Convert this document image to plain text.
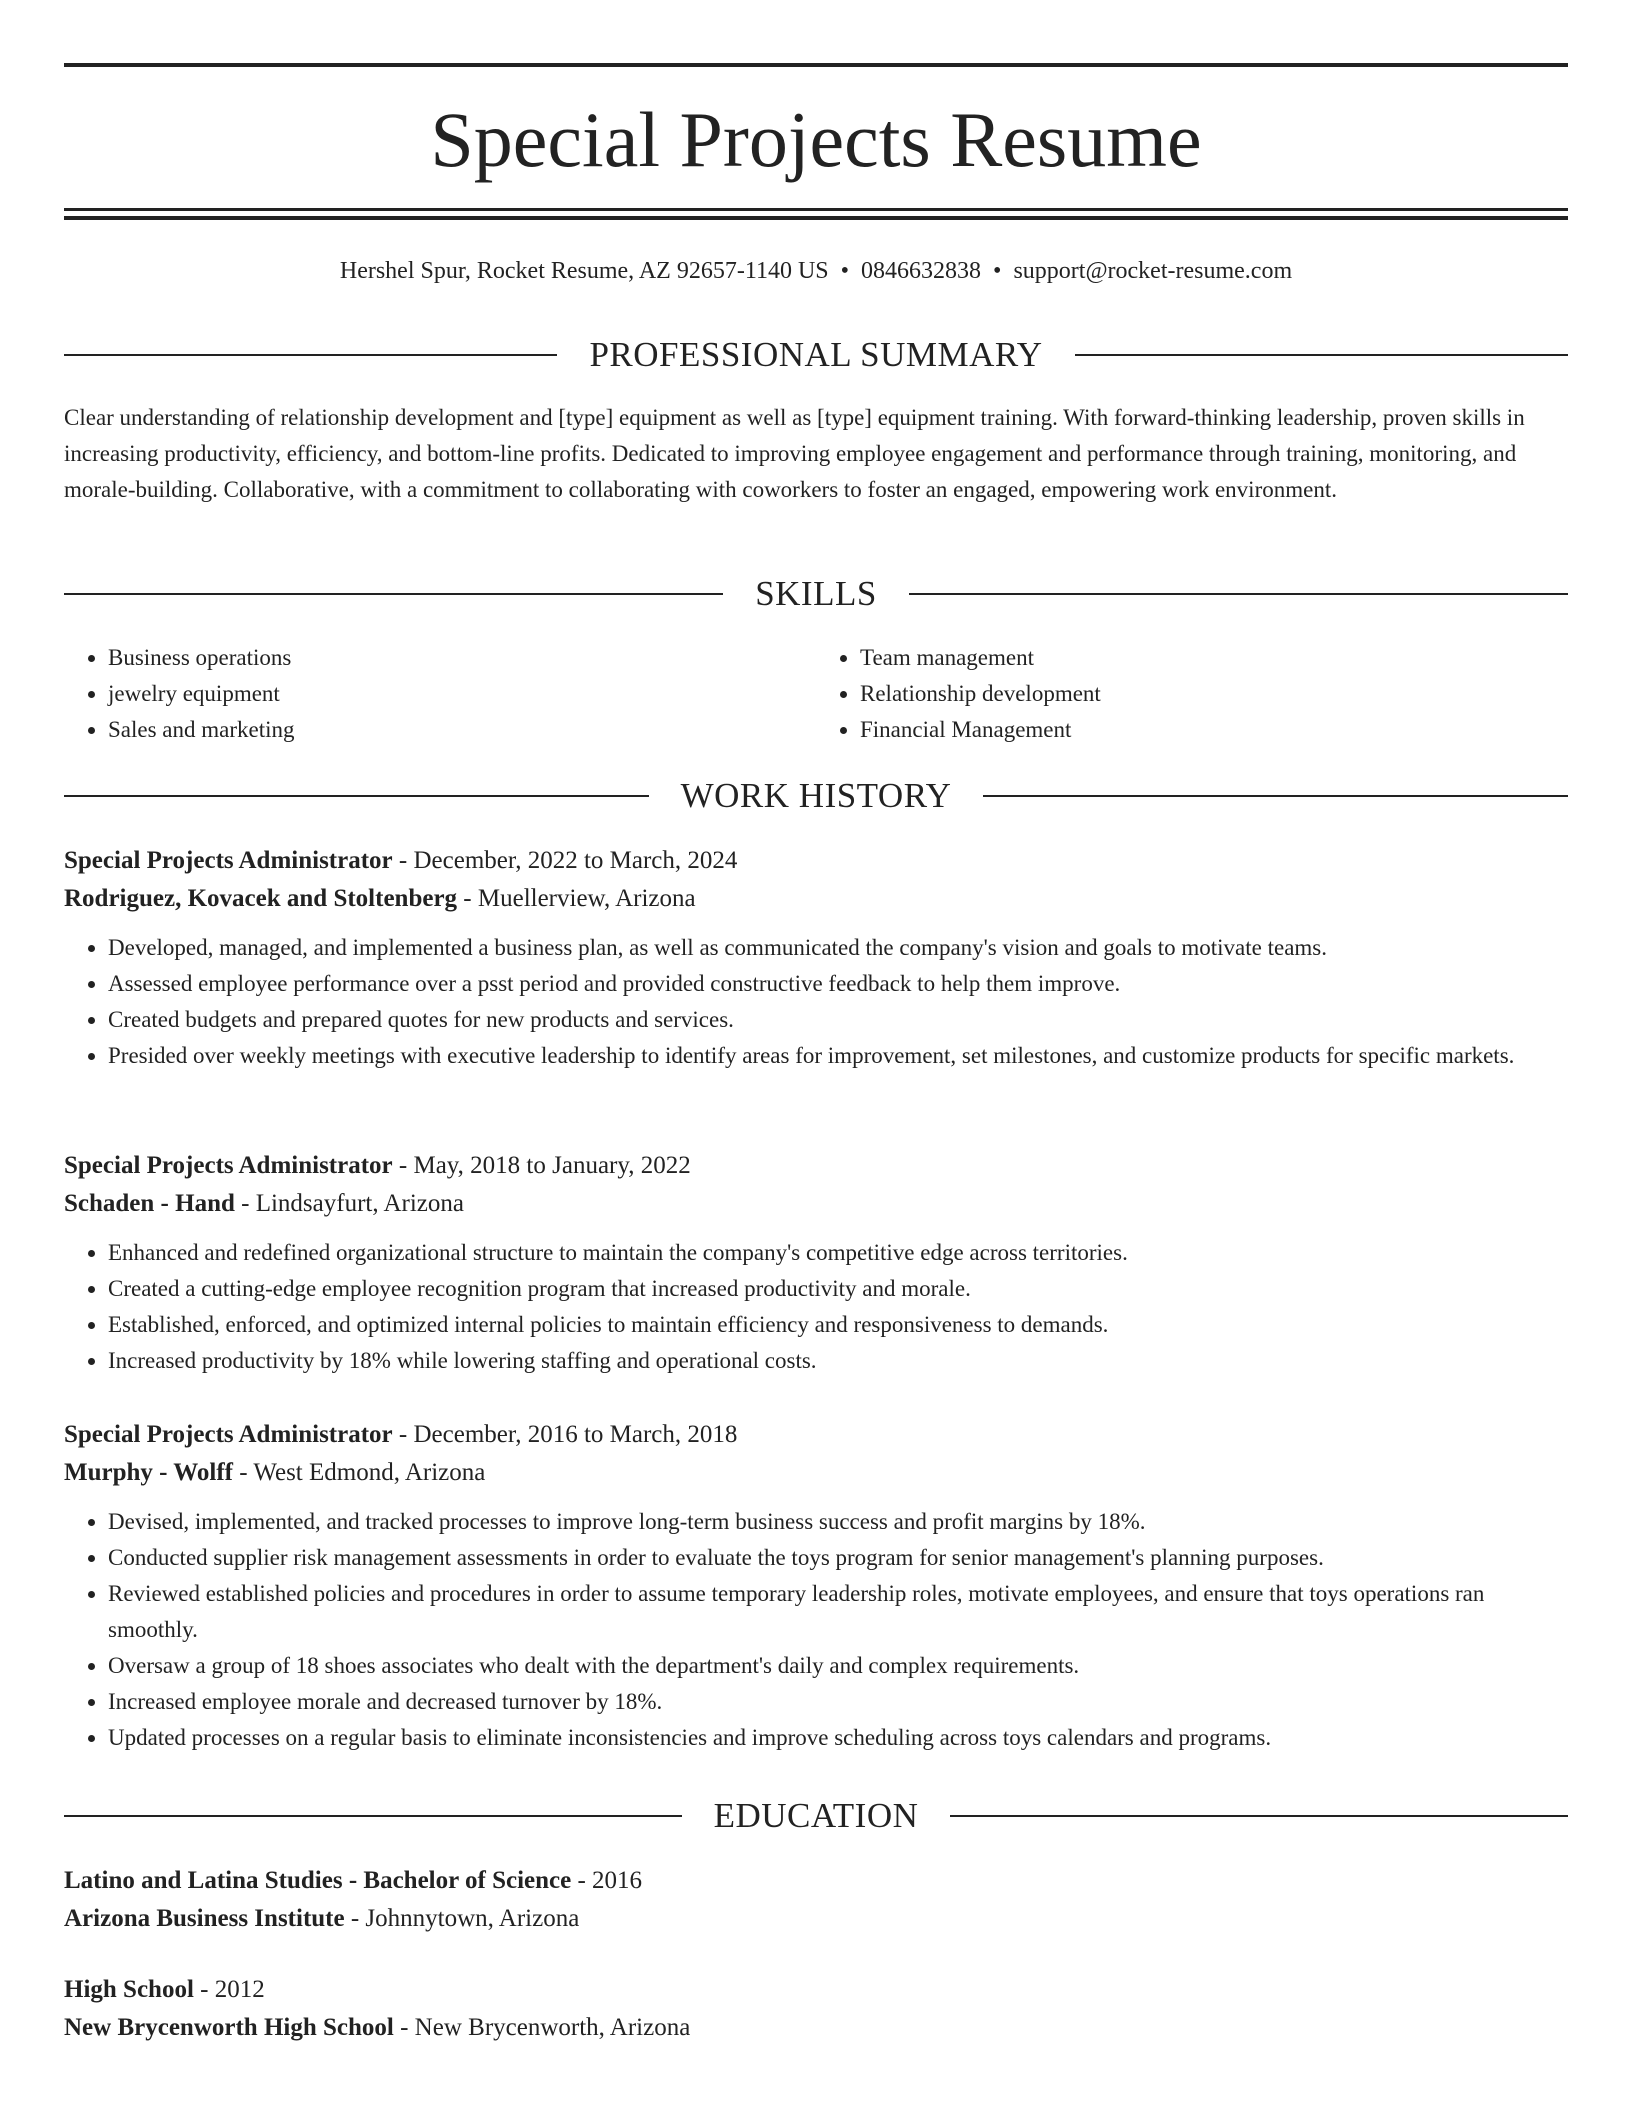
Special Projects Resume
Hershel Spur, Rocket Resume, AZ 92657-1140 US • 0846632838 • support@rocket-resume.com
PROFESSIONAL SUMMARY

Clear understanding of relationship development and [type] equipment as well as [type] equipment training. With forward-thinking leadership, proven skills in increasing productivity, efficiency, and bottom-line profits. Dedicated to improving employee engagement and performance through training, monitoring, and morale-building. Collaborative, with a commitment to collaborating with coworkers to foster an engaged, empowering work environment.

SKILLS
• Business operations
• jewelry equipment
• Sales and marketing
• Team management
• Relationship development
• Financial Management
WORK HISTORY
Special Projects Administrator - December, 2022 to March, 2024
Rodriguez, Kovacek and Stoltenberg - Muellerview, Arizona
• Developed, managed, and implemented a business plan, as well as communicated the company's vision and goals to motivate teams.
• Assessed employee performance over a psst period and provided constructive feedback to help them improve.
• Created budgets and prepared quotes for new products and services.
• Presided over weekly meetings with executive leadership to identify areas for improvement, set milestones, and customize products for specific markets.
Special Projects Administrator - May, 2018 to January, 2022
Schaden - Hand - Lindsayfurt, Arizona
• Enhanced and redefined organizational structure to maintain the company's competitive edge across territories.
• Created a cutting-edge employee recognition program that increased productivity and morale.
• Established, enforced, and optimized internal policies to maintain efficiency and responsiveness to demands.
• Increased productivity by 18% while lowering staffing and operational costs.
Special Projects Administrator - December, 2016 to March, 2018
Murphy - Wolff - West Edmond, Arizona
• Devised, implemented, and tracked processes to improve long-term business success and profit margins by 18%.
• Conducted supplier risk management assessments in order to evaluate the toys program for senior management's planning purposes.
• Reviewed established policies and procedures in order to assume temporary leadership roles, motivate employees, and ensure that toys operations ran smoothly.
• Oversaw a group of 18 shoes associates who dealt with the department's daily and complex requirements.
• Increased employee morale and decreased turnover by 18%.
• Updated processes on a regular basis to eliminate inconsistencies and improve scheduling across toys calendars and programs.
EDUCATION
Latino and Latina Studies - Bachelor of Science - 2016
Arizona Business Institute - Johnnytown, Arizona
High School - 2012
New Brycenworth High School - New Brycenworth, Arizona
